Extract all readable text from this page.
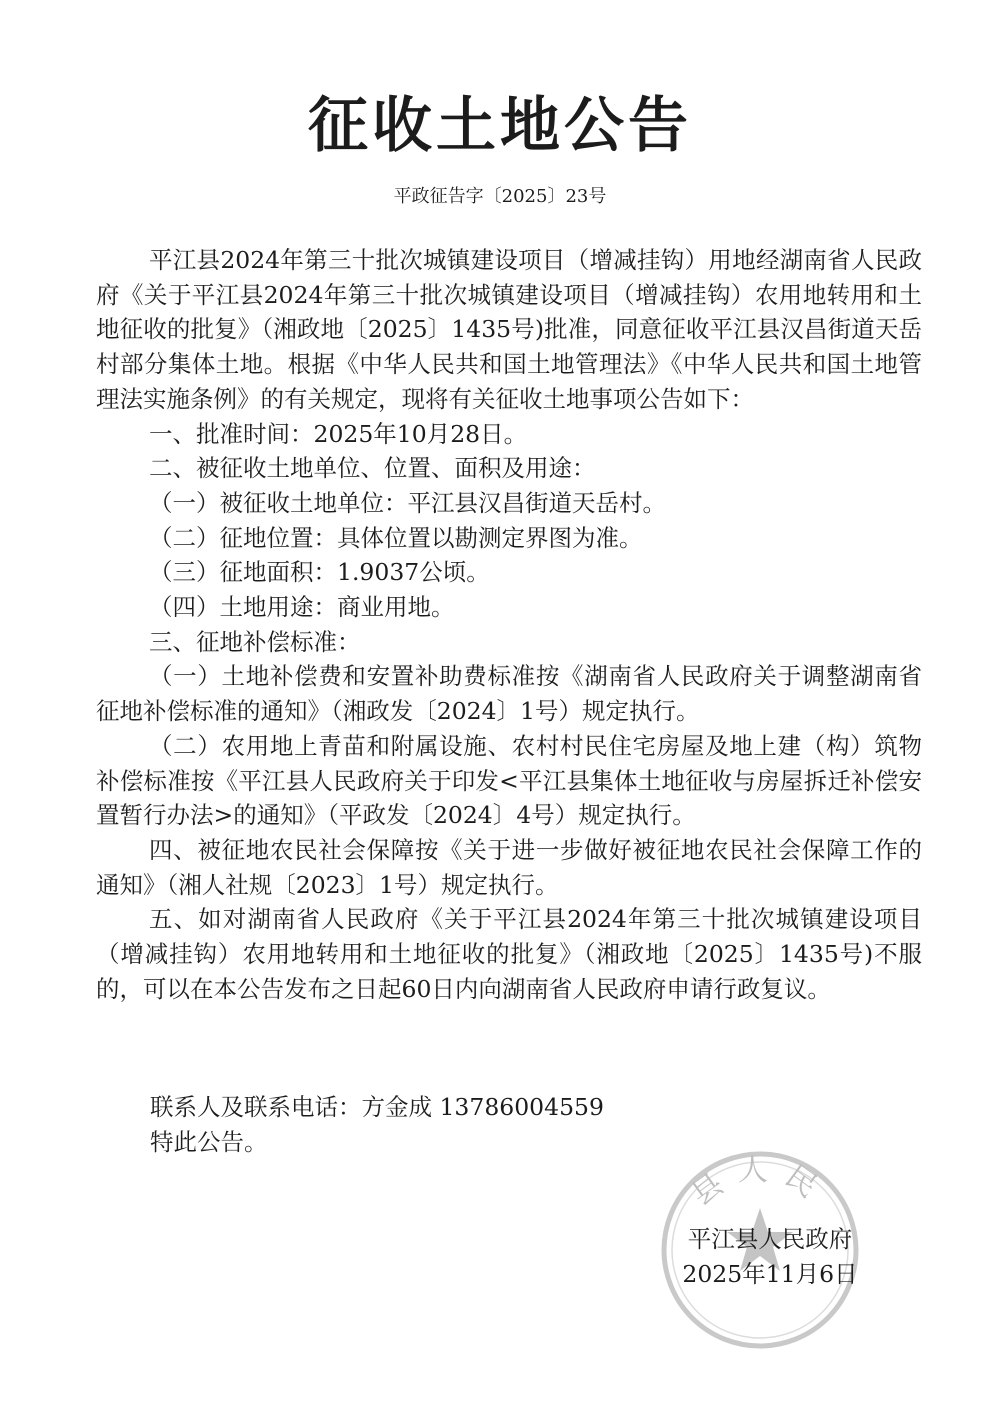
征收土地公告
平政征告字〔2025〕23号

平江县2024年第三十批次城镇建设项目（增减挂钩）用地经湖南省人民政府《关于平江县2024年第三十批次城镇建设项目（增减挂钩）农用地转用和土地征收的批复》（湘政地〔2025〕1435号)批准，同意征收平江县汉昌街道天岳村部分集体土地。根据《中华人民共和国土地管理法》《中华人民共和国土地管理法实施条例》的有关规定，现将有关征收土地事项公告如下：

一、批准时间：2025年10月28日。

二、被征收土地单位、位置、面积及用途：

（一）被征收土地单位：平江县汉昌街道天岳村。

（二）征地位置：具体位置以勘测定界图为准。

（三）征地面积：1.9037公顷。

（四）土地用途：商业用地。

三、征地补偿标准：

（一）土地补偿费和安置补助费标准按《湖南省人民政府关于调整湖南省征地补偿标准的通知》（湘政发〔2024〕1号）规定执行。

（二）农用地上青苗和附属设施、农村村民住宅房屋及地上建（构）筑物补偿标准按《平江县人民政府关于印发<平江县集体土地征收与房屋拆迁补偿安置暂行办法>的通知》（平政发〔2024〕4号）规定执行。

四、被征地农民社会保障按《关于进一步做好被征地农民社会保障工作的通知》（湘人社规〔2023〕1号）规定执行。

五、如对湖南省人民政府《关于平江县2024年第三十批次城镇建设项目（增减挂钩）农用地转用和土地征收的批复》（湘政地〔2025〕1435号)不服的，可以在本公告发布之日起60日内向湖南省人民政府申请行政复议。

联系人及联系电话：方金成 13786004559

特此公告。

县人民

平江县人民政府

2025年11月6日
